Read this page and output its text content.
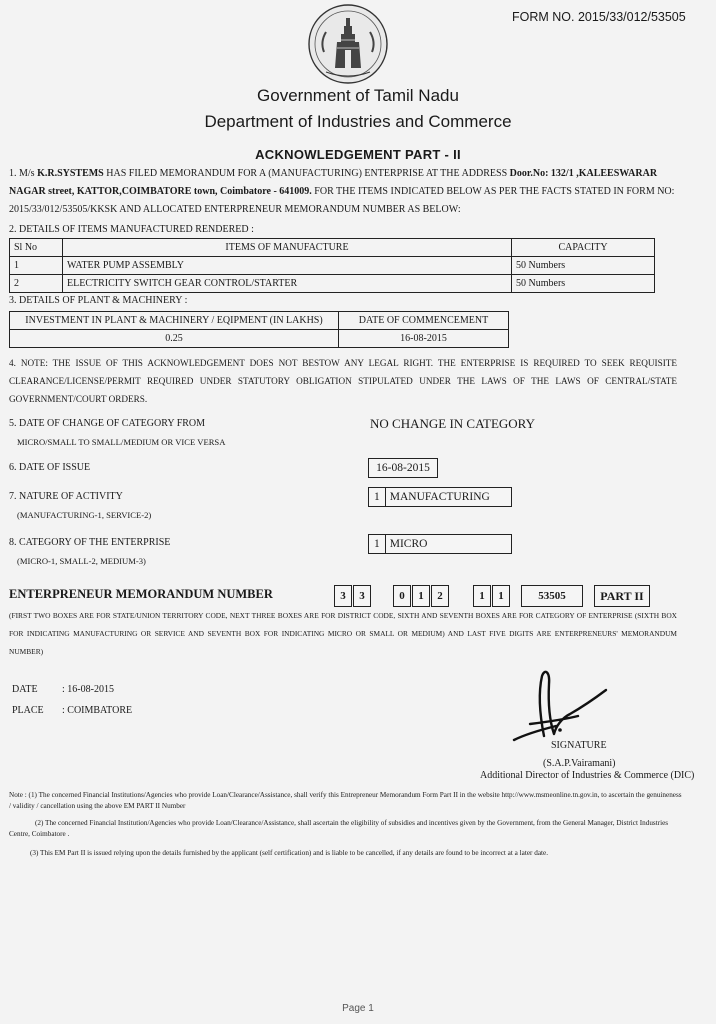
FORM NO. 2015/33/012/53505
Government of Tamil Nadu
Department of Industries and Commerce
ACKNOWLEDGEMENT PART - II
1. M/s K.R.SYSTEMS HAS FILED MEMORANDUM FOR A (MANUFACTURING) ENTERPRISE AT THE ADDRESS Door.No: 132/1 ,KALEESWARAR NAGAR street, KATTOR,COIMBATORE town, Coimbatore - 641009. FOR THE ITEMS INDICATED BELOW AS PER THE FACTS STATED IN FORM NO: 2015/33/012/53505/KKSK AND ALLOCATED ENTERPRENEUR MEMORANDUM NUMBER AS BELOW:
2. DETAILS OF ITEMS MANUFACTURED RENDERED :
Sl No	ITEMS OF MANUFACTURE	CAPACITY
1	WATER PUMP ASSEMBLY	50 Numbers
2	ELECTRICITY SWITCH GEAR CONTROL/STARTER	50 Numbers
3. DETAILS OF PLANT & MACHINERY :
INVESTMENT IN PLANT & MACHINERY / EQIPMENT (IN LAKHS)	DATE OF COMMENCEMENT
0.25	16-08-2015
4. NOTE: THE ISSUE OF THIS ACKNOWLEDGEMENT DOES NOT BESTOW ANY LEGAL RIGHT. THE ENTERPRISE IS REQUIRED TO SEEK REQUISITE CLEARANCE/LICENSE/PERMIT REQUIRED UNDER STATUTORY OBLIGATION STIPULATED UNDER THE LAWS OF THE LAWS OF CENTRAL/STATE GOVERNMENT/COURT ORDERS.
5. DATE OF CHANGE OF CATEGORY FROM
MICRO/SMALL TO SMALL/MEDIUM OR VICE VERSA
NO CHANGE IN CATEGORY
6. DATE OF ISSUE	16-08-2015
7. NATURE OF ACTIVITY
(MANUFACTURING-1, SERVICE-2)
1 MANUFACTURING
8. CATEGORY OF THE ENTERPRISE
(MICRO-1, SMALL-2, MEDIUM-3)
1 MICRO
ENTERPRENEUR MEMORANDUM NUMBER	3	3	0	1	2	1	1	53505	PART II
(FIRST TWO BOXES ARE FOR STATE/UNION TERRITORY CODE, NEXT THREE BOXES ARE FOR DISTRICT CODE, SIXTH AND SEVENTH BOXES ARE FOR CATEGORY OF ENTERPRISE (SIXTH BOX FOR INDICATING MANUFACTURING OR SERVICE AND SEVENTH BOX FOR INDICATING MICRO OR SMALL OR MEDIUM) AND LAST FIVE DIGITS ARE ENTERPRENEURS' MEMORANDUM NUMBER)
DATE : 16-08-2015
PLACE : COIMBATORE
SIGNATURE
(S.A.P.Vairamani)
Additional Director of Industries & Commerce (DIC)
Note : (1) The concerned Financial Institutions/Agencies who provide Loan/Clearance/Assistance, shall verify this Entrepreneur Memorandum Form Part II in the website http://www.msmeonline.tn.gov.in, to ascertain the genuineness / validity / cancellation using the above EM PART II Number
(2) The concerned Financial Institution/Agencies who provide Loan/Clearance/Assistance, shall ascertain the eligibility of subsidies and incentives given by the Government, from the General Manager, District Industries Centre, Coimbatore .
(3) This EM Part II is issued relying upon the details furnished by the applicant (self certification) and is liable to be cancelled, if any details are found to be incorrect at a later date.
Page 1
